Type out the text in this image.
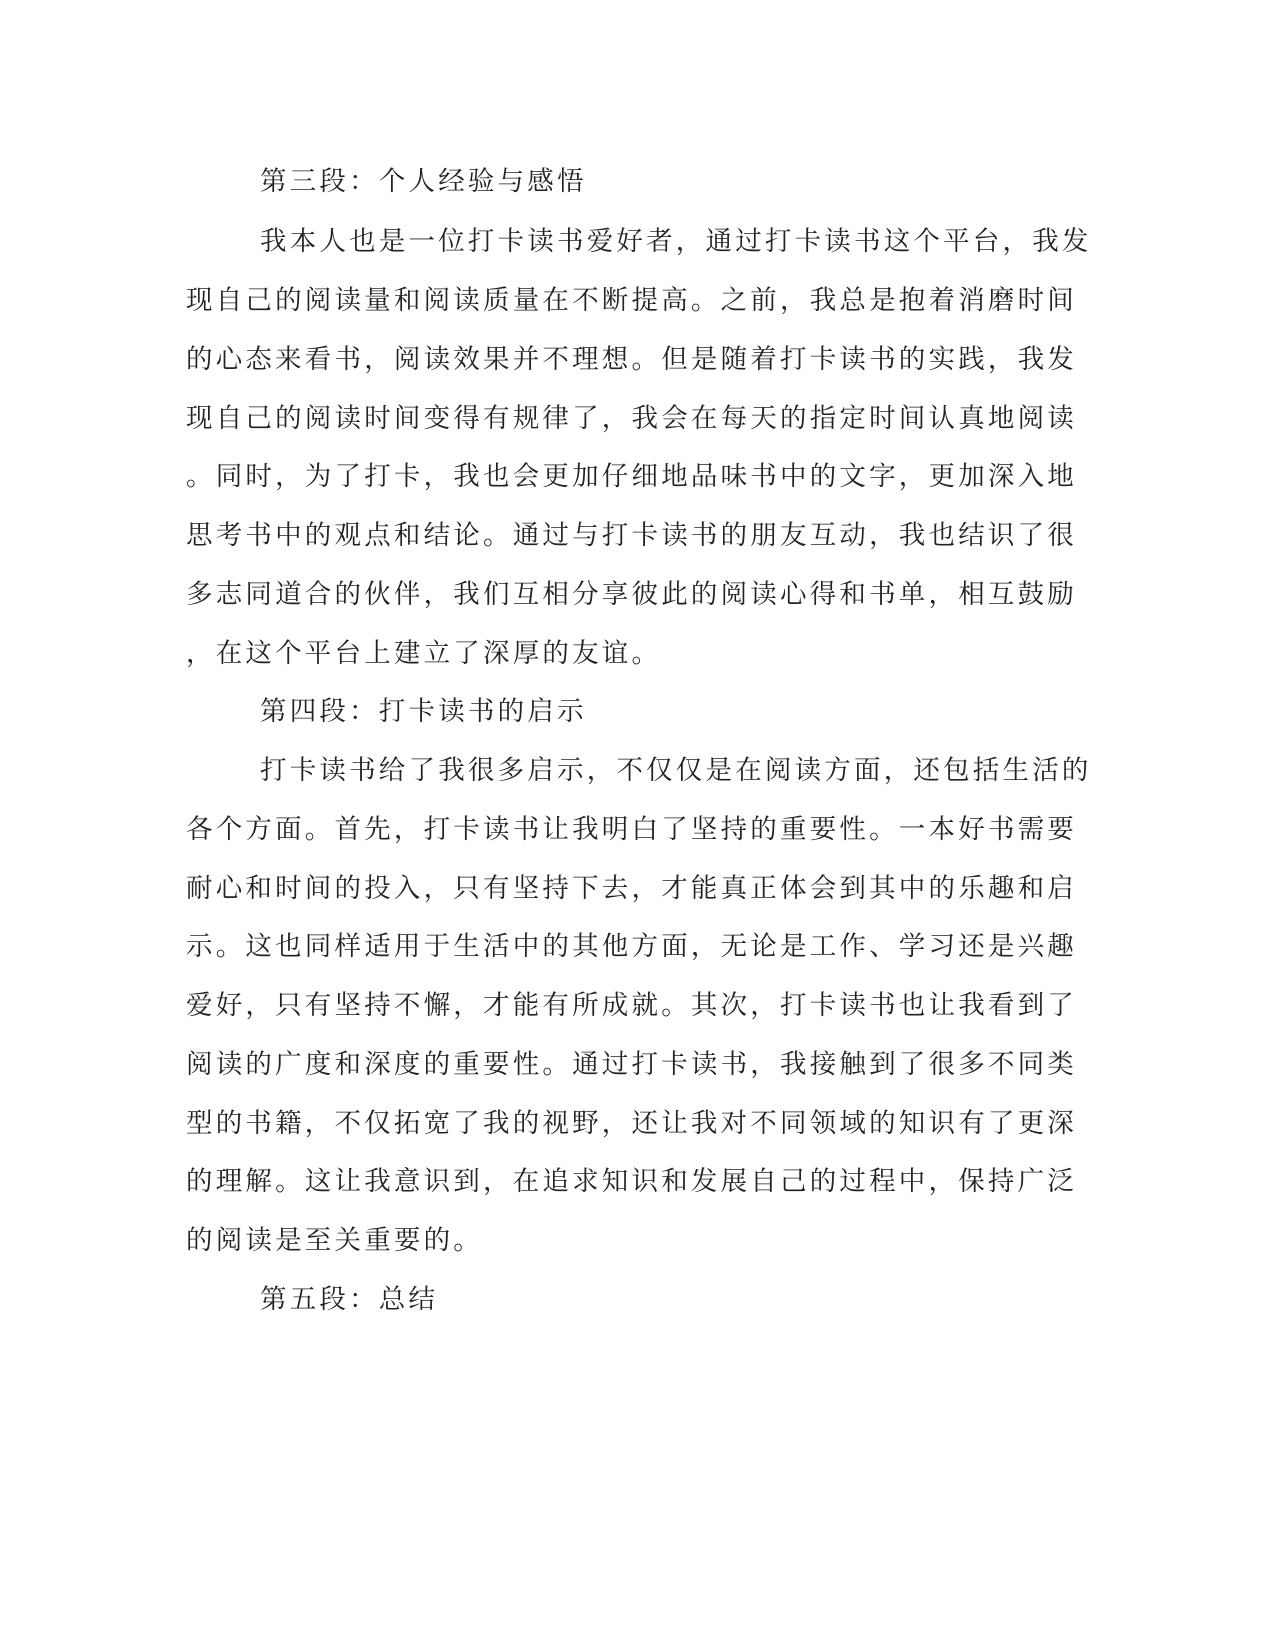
第三段：个人经验与感悟

我本人也是一位打卡读书爱好者，通过打卡读书这个平台，我发

现自己的阅读量和阅读质量在不断提高。之前，我总是抱着消磨时间

的心态来看书，阅读效果并不理想。但是随着打卡读书的实践，我发

现自己的阅读时间变得有规律了，我会在每天的指定时间认真地阅读

。同时，为了打卡，我也会更加仔细地品味书中的文字，更加深入地

思考书中的观点和结论。通过与打卡读书的朋友互动，我也结识了很

多志同道合的伙伴，我们互相分享彼此的阅读心得和书单，相互鼓励

，在这个平台上建立了深厚的友谊。

第四段：打卡读书的启示

打卡读书给了我很多启示，不仅仅是在阅读方面，还包括生活的

各个方面。首先，打卡读书让我明白了坚持的重要性。一本好书需要

耐心和时间的投入，只有坚持下去，才能真正体会到其中的乐趣和启

示。这也同样适用于生活中的其他方面，无论是工作、学习还是兴趣

爱好，只有坚持不懈，才能有所成就。其次，打卡读书也让我看到了

阅读的广度和深度的重要性。通过打卡读书，我接触到了很多不同类

型的书籍，不仅拓宽了我的视野，还让我对不同领域的知识有了更深

的理解。这让我意识到，在追求知识和发展自己的过程中，保持广泛

的阅读是至关重要的。

第五段：总结
